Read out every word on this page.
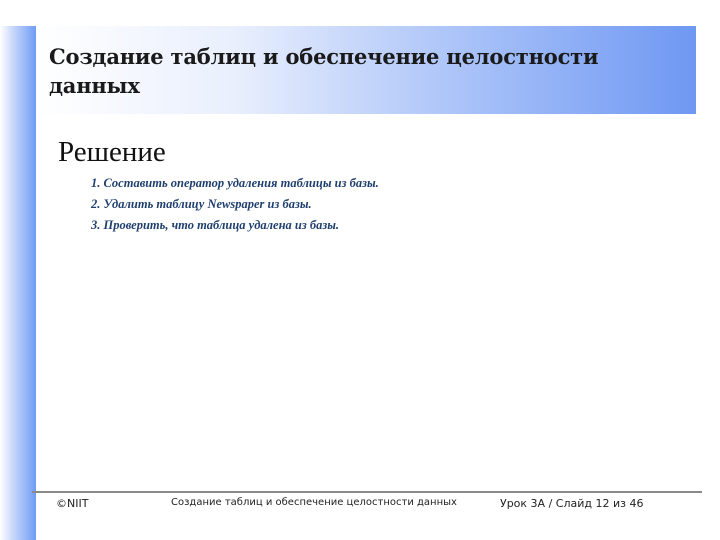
Создание таблиц и обеспечение целостности данных
Решение
1. Составить оператор удаления таблицы из базы.
2. Удалить таблицу Newspaper из базы.
3. Проверить, что таблица удалена из базы.
©NIIT	Создание таблиц и обеспечение целостности данных	Урок 3A / Слайд 12 из 46
